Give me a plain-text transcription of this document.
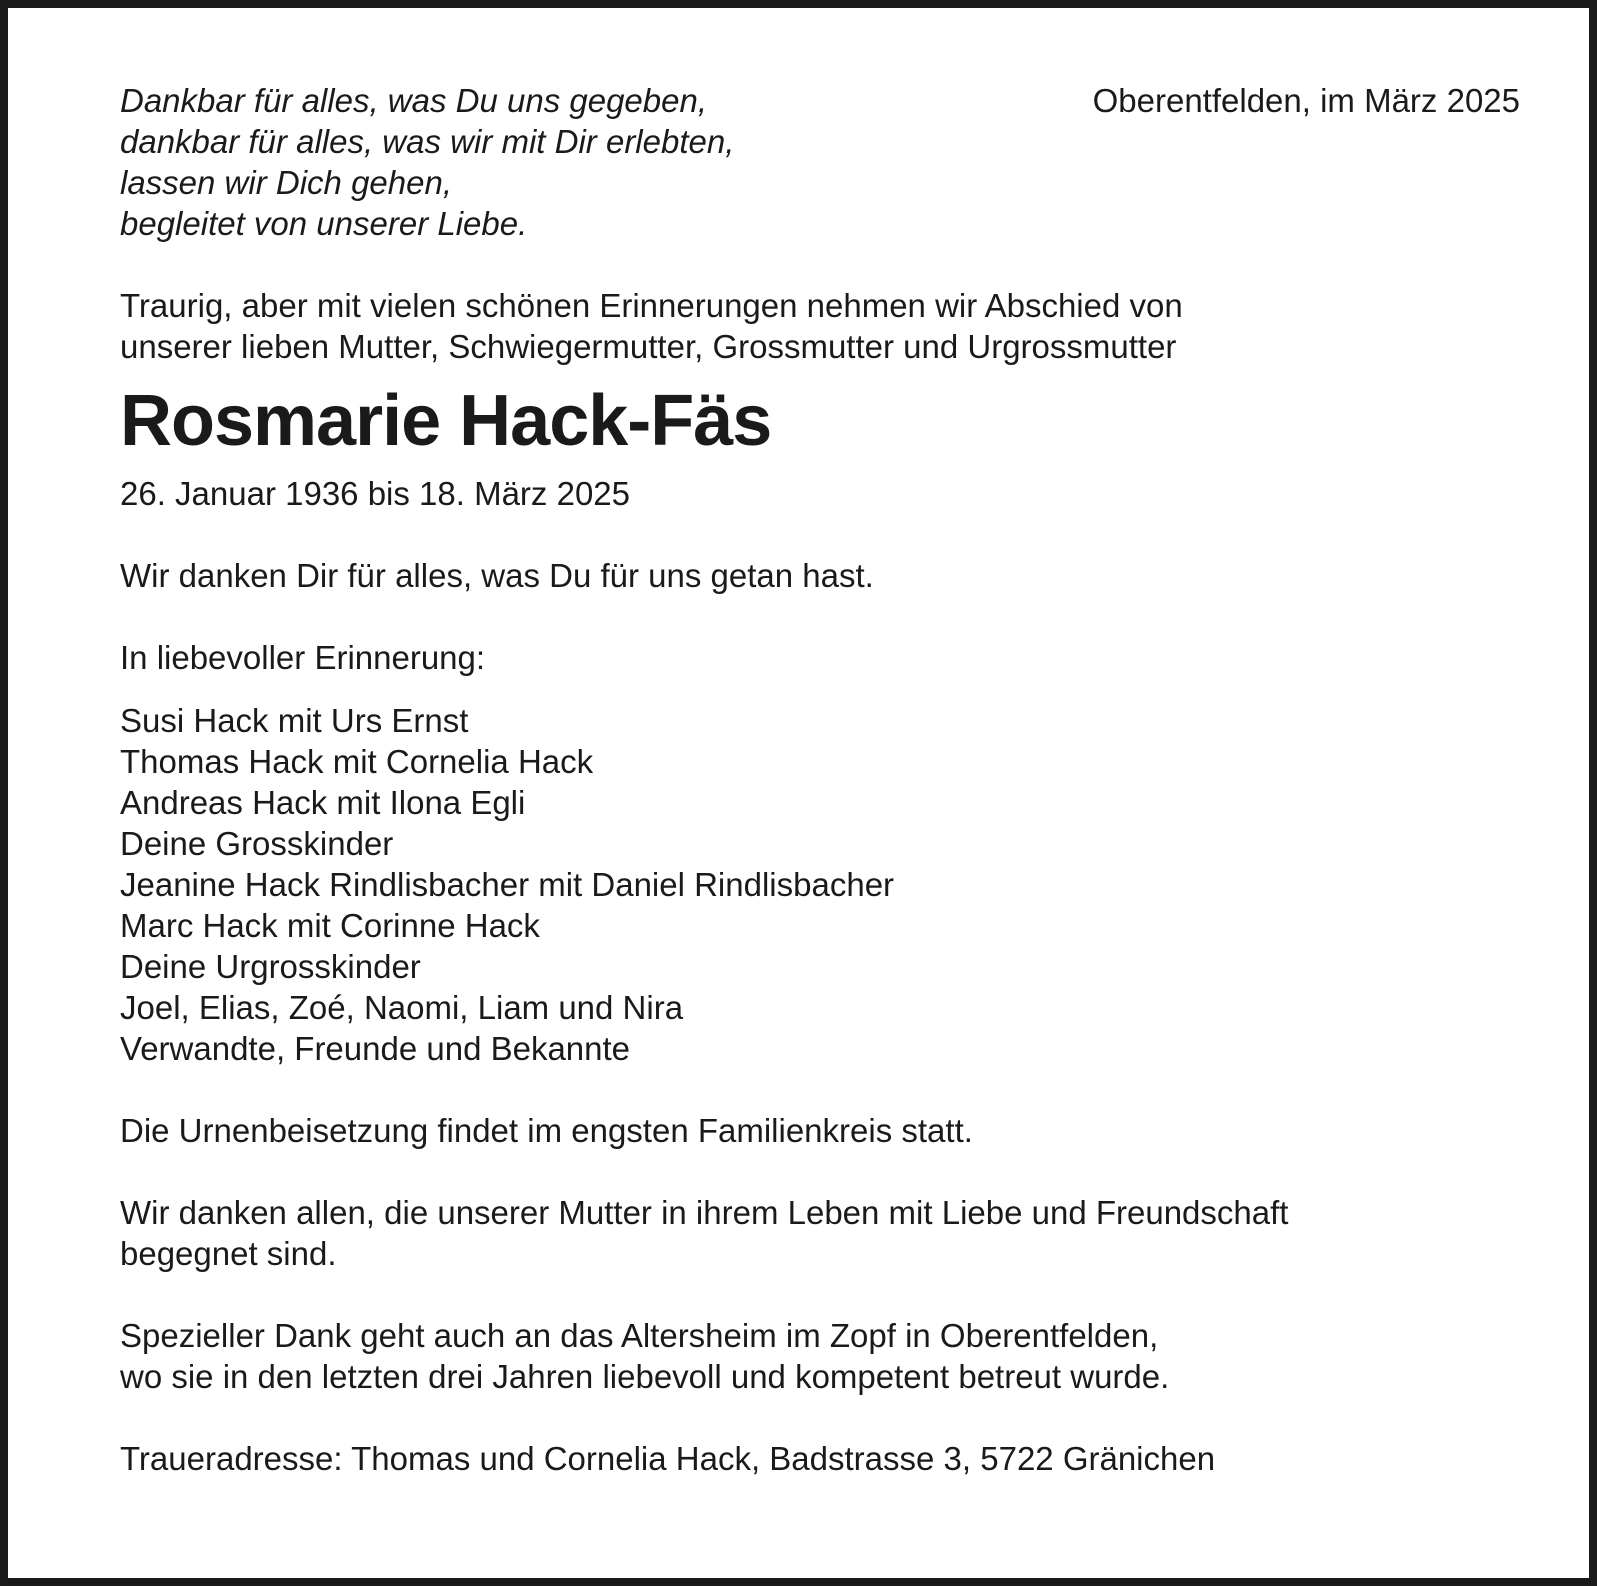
Dankbar für alles, was Du uns gegeben,
dankbar für alles, was wir mit Dir erlebten,
lassen wir Dich gehen,
begleitet von unserer Liebe.
Oberentfelden, im März 2025
Traurig, aber mit vielen schönen Erinnerungen nehmen wir Abschied von
unserer lieben Mutter, Schwiegermutter, Grossmutter und Urgrossmutter
Rosmarie Hack-Fäs
26. Januar 1936 bis 18. März 2025
Wir danken Dir für alles, was Du für uns getan hast.
In liebevoller Erinnerung:
Susi Hack mit Urs Ernst
Thomas Hack mit Cornelia Hack
Andreas Hack mit Ilona Egli
Deine Grosskinder
Jeanine Hack Rindlisbacher mit Daniel Rindlisbacher
Marc Hack mit Corinne Hack
Deine Urgrosskinder
Joel, Elias, Zoé, Naomi, Liam und Nira
Verwandte, Freunde und Bekannte
Die Urnenbeisetzung findet im engsten Familienkreis statt.
Wir danken allen, die unserer Mutter in ihrem Leben mit Liebe und Freundschaft
begegnet sind.
Spezieller Dank geht auch an das Altersheim im Zopf in Oberentfelden,
wo sie in den letzten drei Jahren liebevoll und kompetent betreut wurde.
Traueradresse: Thomas und Cornelia Hack, Badstrasse 3, 5722 Gränichen
